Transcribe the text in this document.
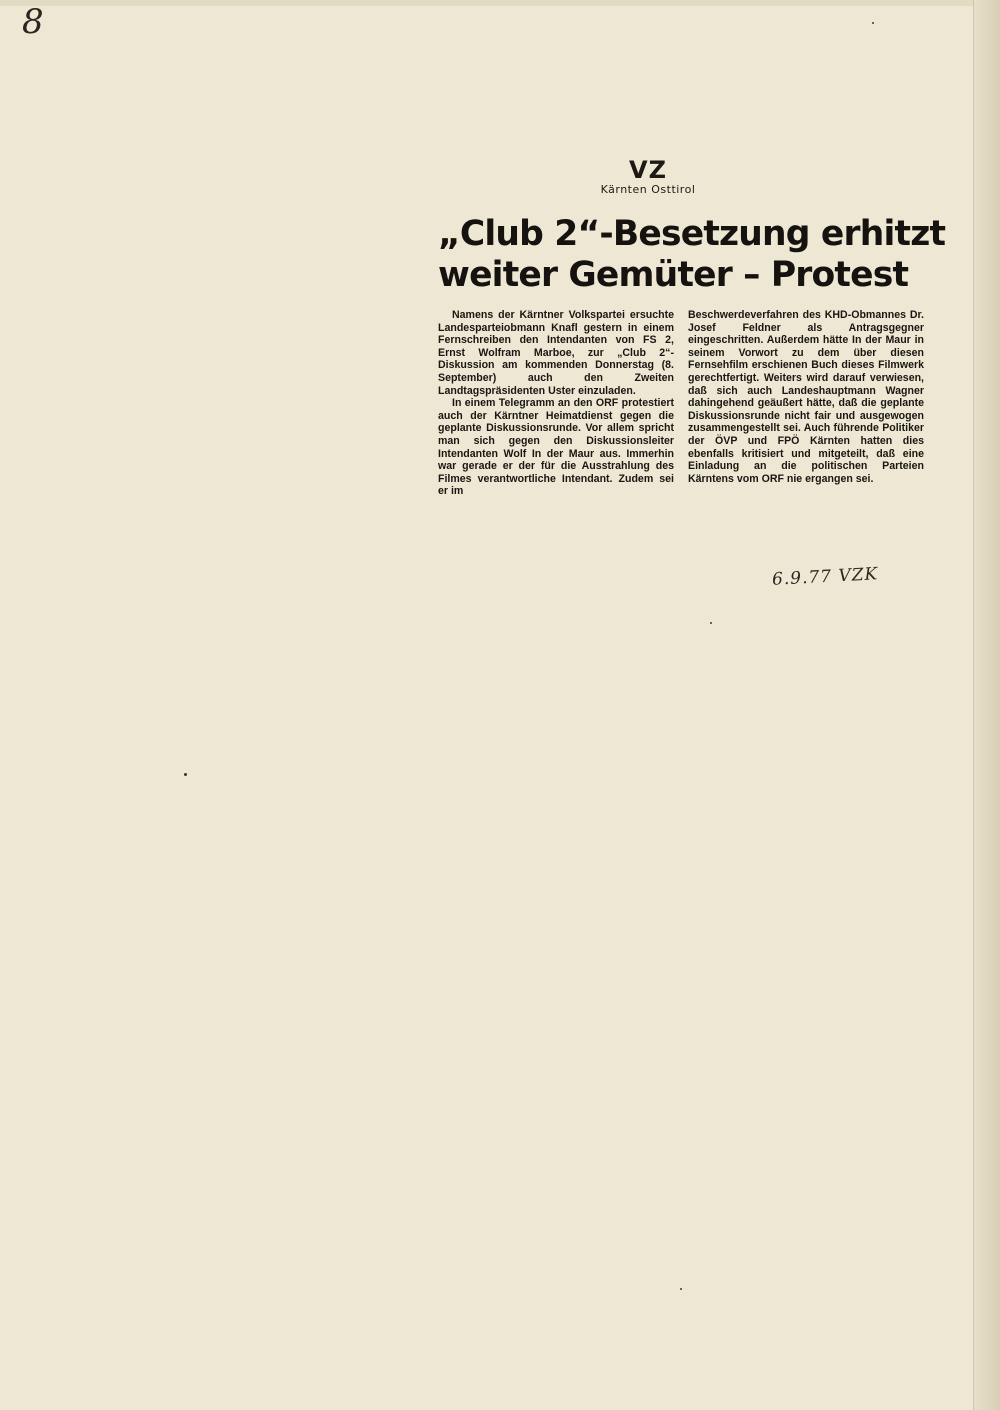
8
VZ
Kärnten Osttirol
„Club 2“-Besetzung erhitzt
weiter Gemüter – Protest

Namens der Kärntner Volkspartei ersuchte Landesparteiobmann Knafl gestern in einem Fernschreiben den Intendanten von FS 2, Ernst Wolfram Marboe, zur „Club 2“-Diskussion am kommenden Donnerstag (8. September) auch den Zweiten Landtagspräsidenten Uster einzuladen.

In einem Telegramm an den ORF protestiert auch der Kärntner Heimatdienst gegen die geplante Diskussionsrunde. Vor allem spricht man sich gegen den Diskussionsleiter Intendanten Wolf In der Maur aus. Immerhin war gerade er der für die Ausstrahlung des Filmes verantwortliche Intendant. Zudem sei er im

Beschwerdeverfahren des KHD-Obmannes Dr. Josef Feldner als Antragsgegner eingeschritten. Außerdem hätte In der Maur in seinem Vorwort zu dem über diesen Fernsehfilm erschienen Buch dieses Filmwerk gerechtfertigt. Weiters wird darauf verwiesen, daß sich auch Landeshauptmann Wagner dahingehend geäußert hätte, daß die geplante Diskussionsrunde nicht fair und ausgewogen zusammengestellt sei. Auch führende Politiker der ÖVP und FPÖ Kärnten hatten dies ebenfalls kritisiert und mitgeteilt, daß eine Einladung an die politischen Parteien Kärntens vom ORF nie ergangen sei.

6.9.77 VZK
